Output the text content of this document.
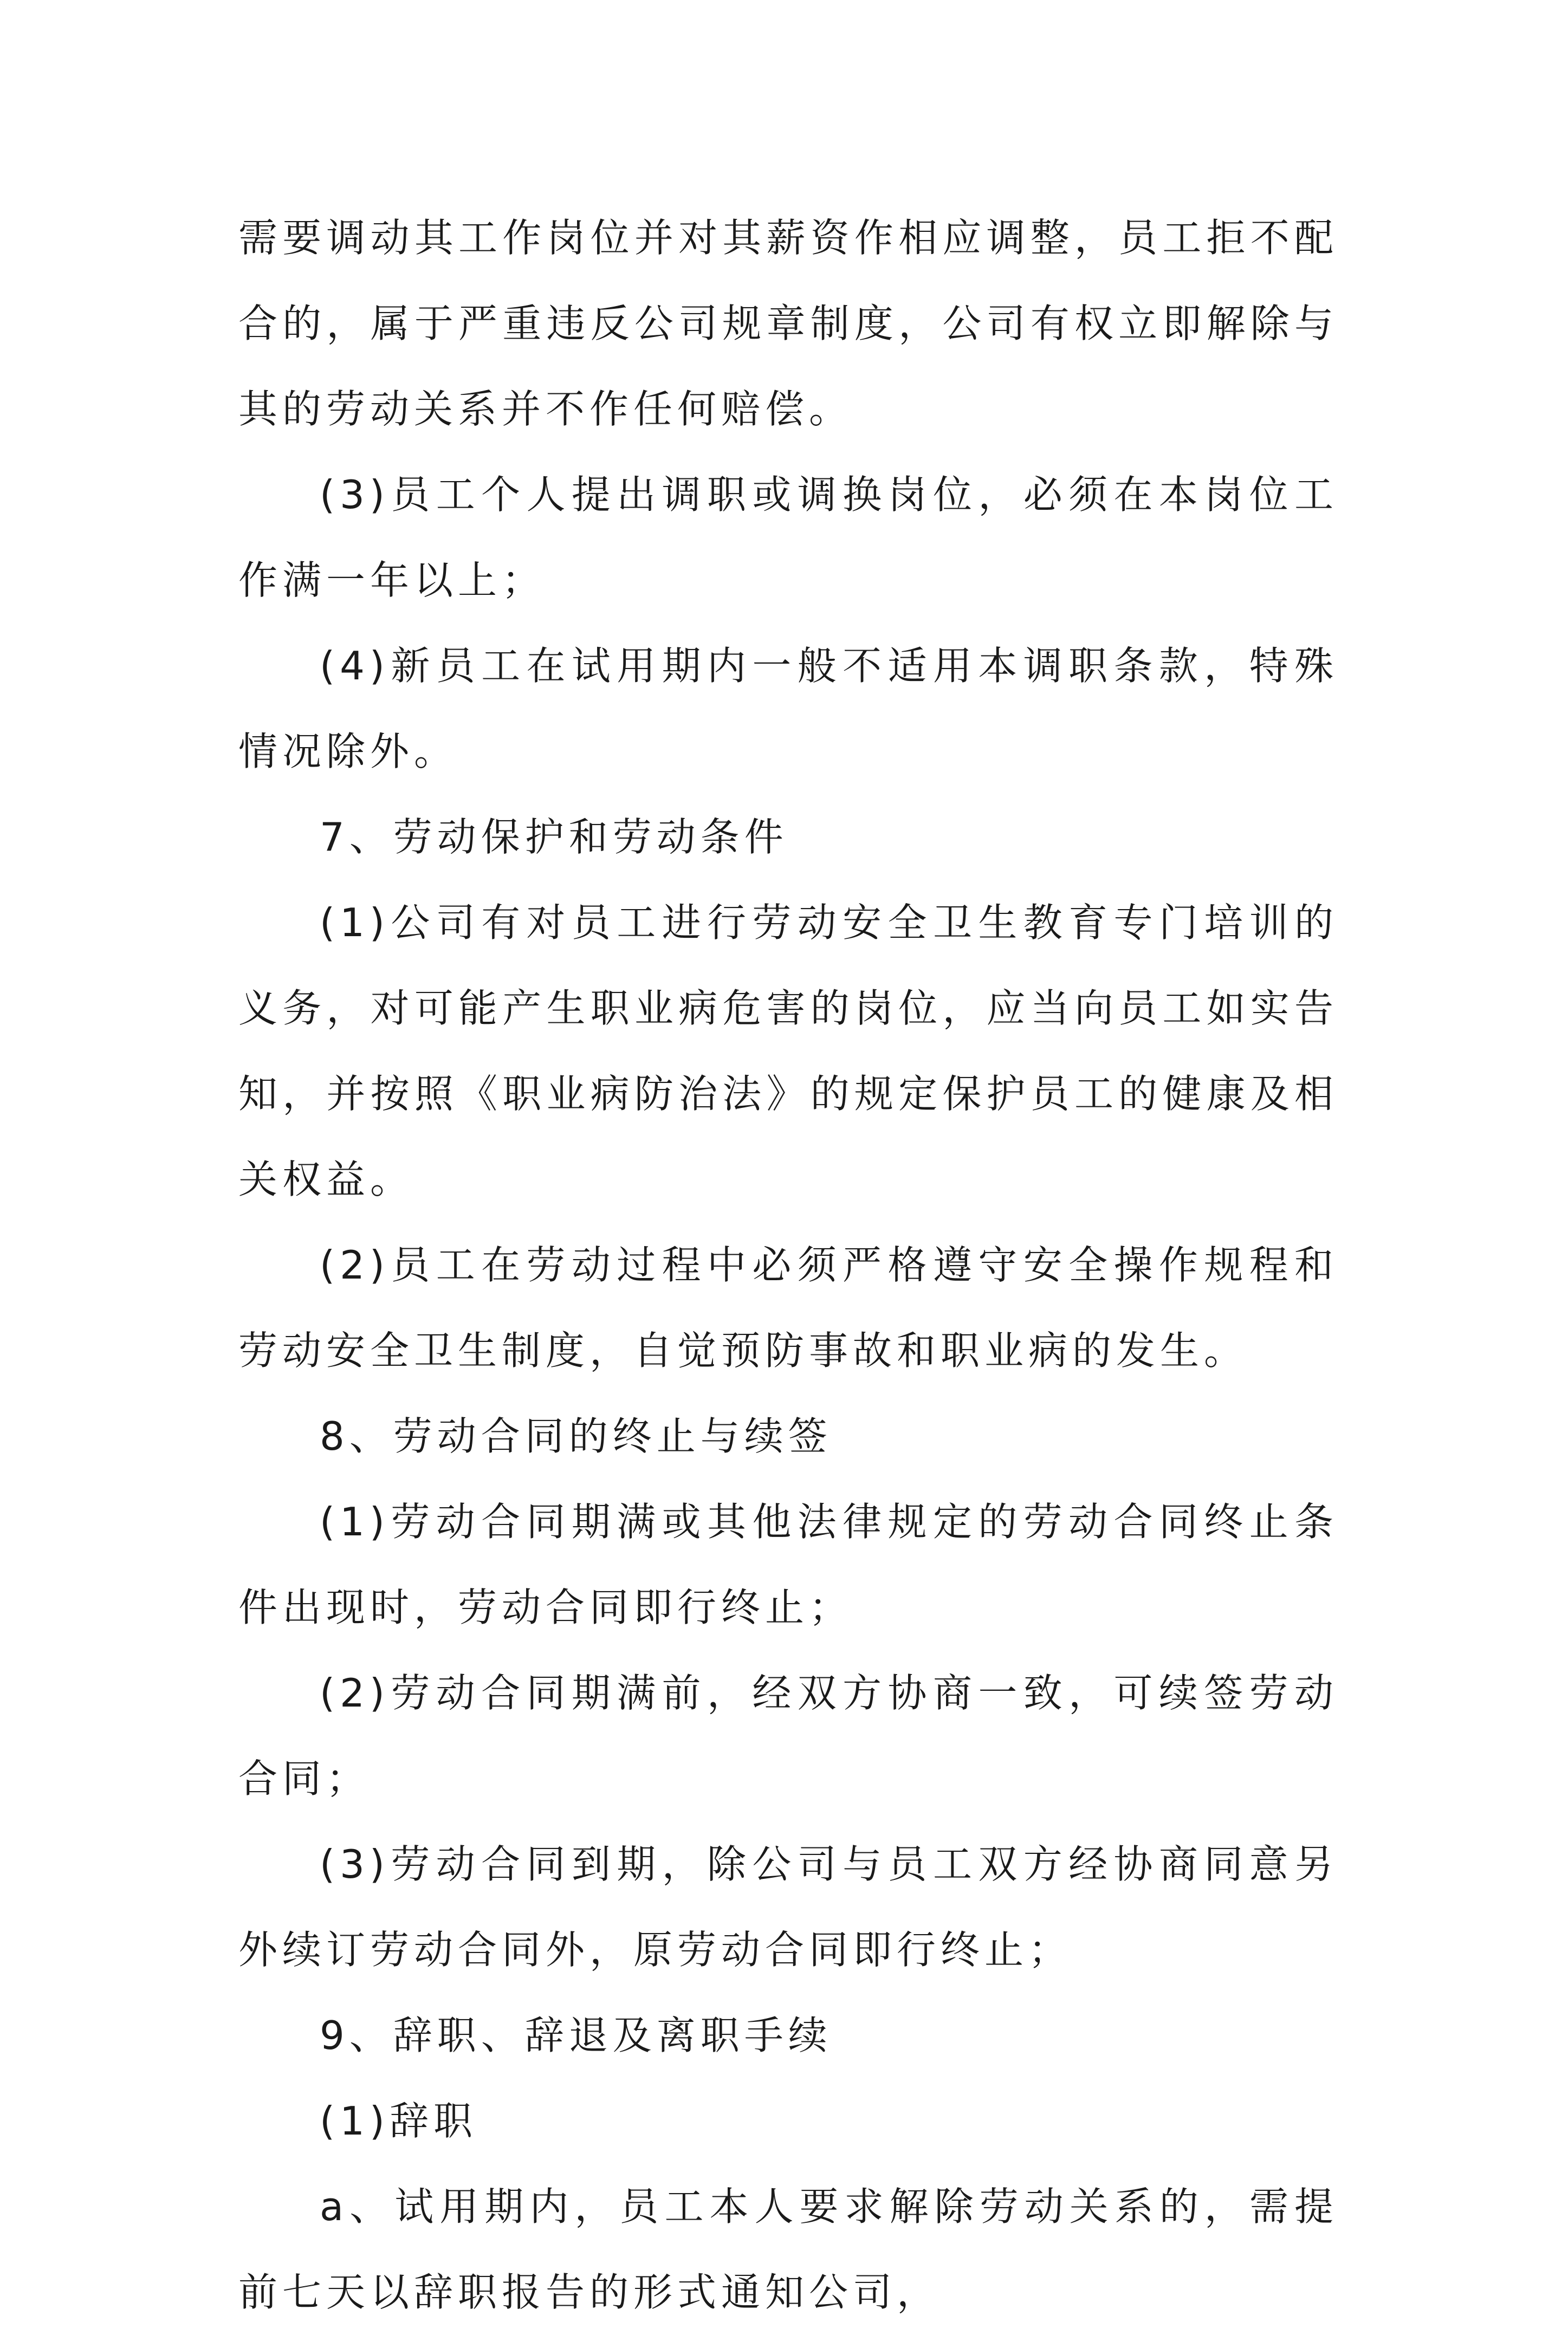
需要调动其工作岗位并对其薪资作相应调整，员工拒不配合的，属于严重违反公司规章制度，公司有权立即解除与其的劳动关系并不作任何赔偿。

(3)员工个人提出调职或调换岗位，必须在本岗位工作满一年以上；

(4)新员工在试用期内一般不适用本调职条款，特殊情况除外。

7、劳动保护和劳动条件

(1)公司有对员工进行劳动安全卫生教育专门培训的义务，对可能产生职业病危害的岗位，应当向员工如实告知，并按照《职业病防治法》的规定保护员工的健康及相关权益。

(2)员工在劳动过程中必须严格遵守安全操作规程和劳动安全卫生制度，自觉预防事故和职业病的发生。

8、劳动合同的终止与续签

(1)劳动合同期满或其他法律规定的劳动合同终止条件出现时，劳动合同即行终止；

(2)劳动合同期满前，经双方协商一致，可续签劳动合同；

(3)劳动合同到期，除公司与员工双方经协商同意另外续订劳动合同外，原劳动合同即行终止；

9、辞职、辞退及离职手续

(1)辞职

a、试用期内，员工本人要求解除劳动关系的，需提前七天以辞职报告的形式通知公司，
